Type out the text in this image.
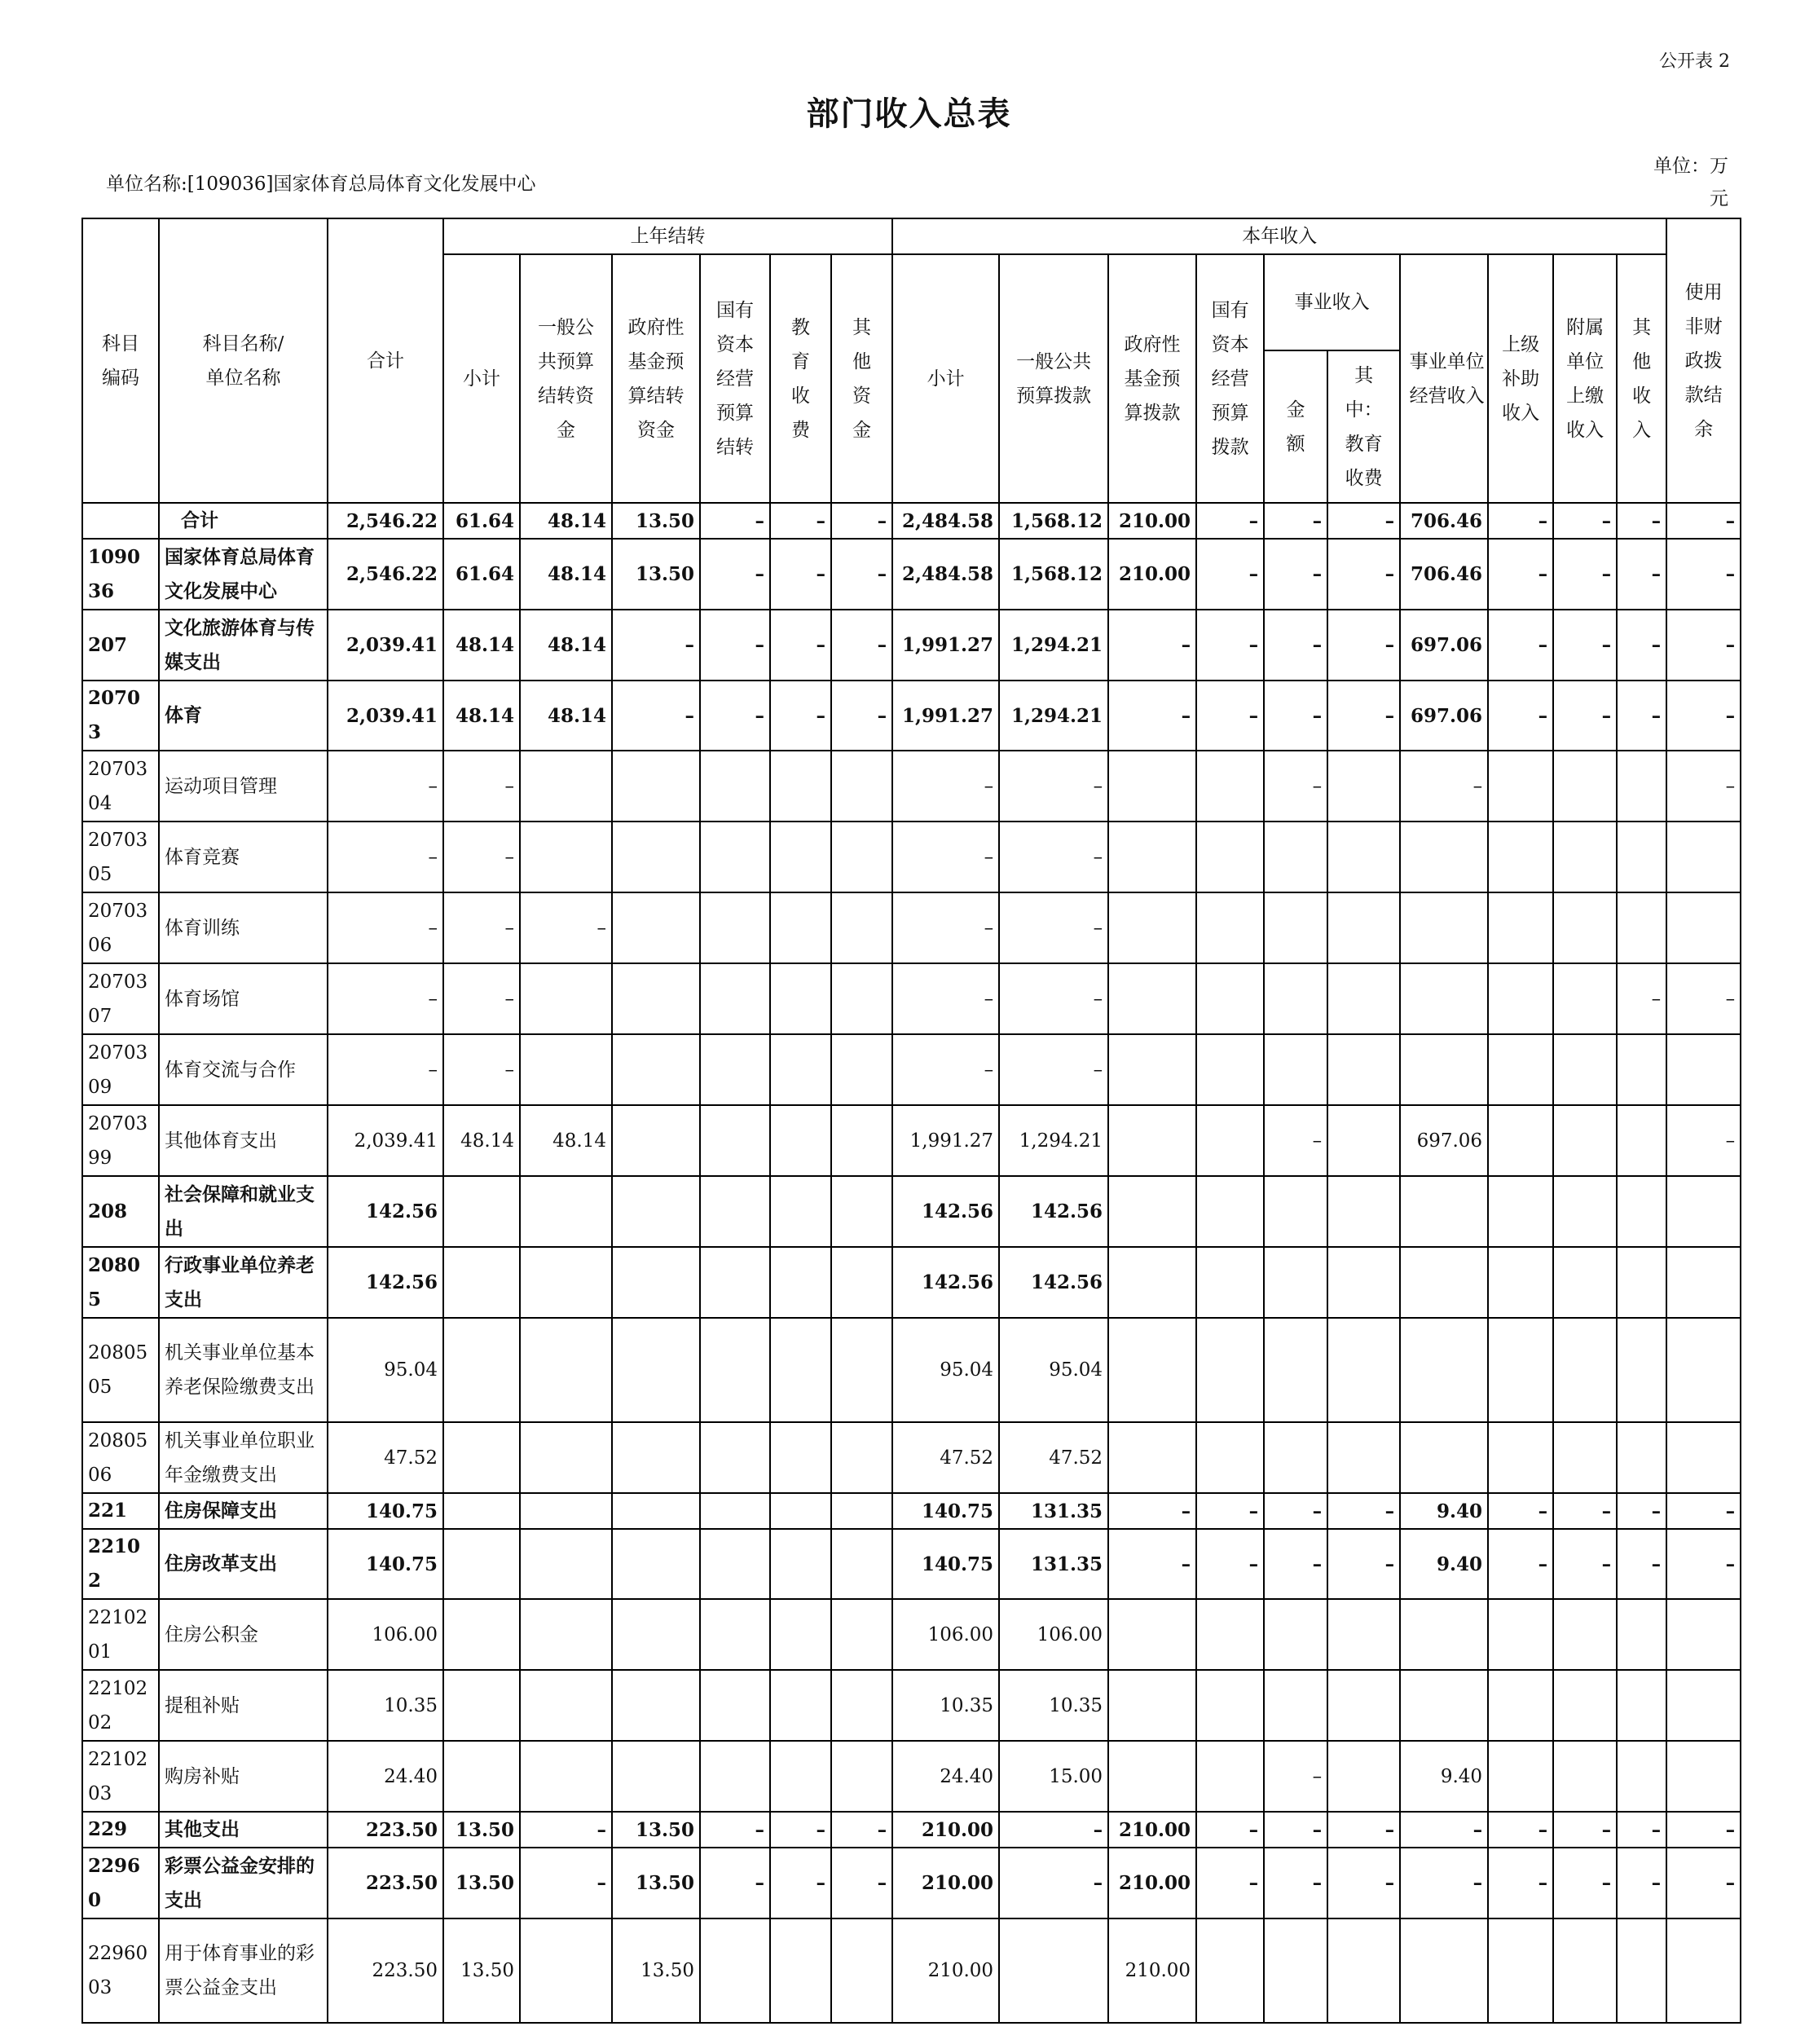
公开表 2
部门收入总表
单位名称:[109036]国家体育总局体育文化发展中心
单位：万元
科目编码	科目名称/单位名称	合计	上年结转						本年收入										使用非财政拨款结余
			小计	一般公共预算结转资金	政府性基金预算结转资金	国有资本经营预算结转	教育收费	其他资金	小计	一般公共预算拨款	政府性基金预算拨款	国有资本经营预算拨款	事业收入		事业单位经营收入	上级补助收入	附属单位上缴收入	其他收入	
													金额	其中：教育收费					
	合计	2,546.22	61.64	48.14	13.50	–	–	–	2,484.58	1,568.12	210.00	–	–	–	706.46	–	–	–	–
109036	国家体育总局体育文化发展中心	2,546.22	61.64	48.14	13.50	–	–	–	2,484.58	1,568.12	210.00	–	–	–	706.46	–	–	–	–
207	文化旅游体育与传媒支出	2,039.41	48.14	48.14	–	–	–	–	1,991.27	1,294.21	–	–	–	–	697.06	–	–	–	–
20703	体育	2,039.41	48.14	48.14	–	–	–	–	1,991.27	1,294.21	–	–	–	–	697.06	–	–	–	–
2070304	运动项目管理	–	–						–	–			–		–				–
2070305	体育竞赛	–	–						–	–									
2070306	体育训练	–	–	–					–	–									
2070307	体育场馆	–	–						–	–								–	–
2070309	体育交流与合作	–	–						–	–									
2070399	其他体育支出	2,039.41	48.14	48.14					1,991.27	1,294.21			–		697.06				–
208	社会保障和就业支出	142.56							142.56	142.56									
20805	行政事业单位养老支出	142.56							142.56	142.56									
2080505	机关事业单位基本养老保险缴费支出	95.04							95.04	95.04									
2080506	机关事业单位职业年金缴费支出	47.52							47.52	47.52									
221	住房保障支出	140.75							140.75	131.35	–	–	–	–	9.40	–	–	–	–
22102	住房改革支出	140.75							140.75	131.35	–	–	–	–	9.40	–	–	–	–
2210201	住房公积金	106.00							106.00	106.00									
2210202	提租补贴	10.35							10.35	10.35									
2210203	购房补贴	24.40							24.40	15.00			–		9.40				
229	其他支出	223.50	13.50	–	13.50	–	–	–	210.00	–	210.00	–	–	–	–	–	–	–	–
22960	彩票公益金安排的支出	223.50	13.50	–	13.50	–	–	–	210.00	–	210.00	–	–	–	–	–	–	–	–
2296003	用于体育事业的彩票公益金支出	223.50	13.50		13.50				210.00		210.00								
